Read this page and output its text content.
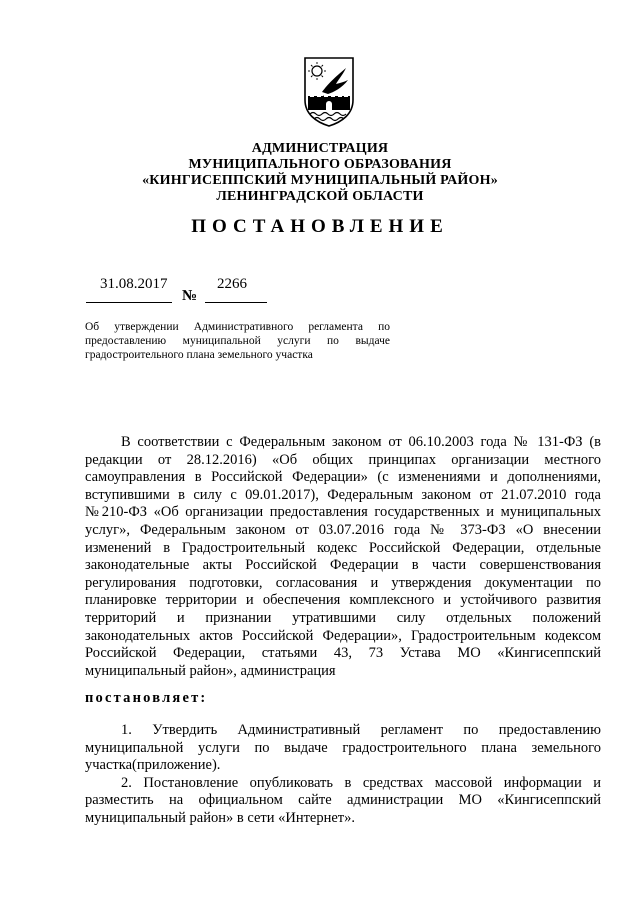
АДМИНИСТРАЦИЯ
МУНИЦИПАЛЬНОГО ОБРАЗОВАНИЯ
«КИНГИСЕППСКИЙ МУНИЦИПАЛЬНЫЙ РАЙОН»
ЛЕНИНГРАДСКОЙ ОБЛАСТИ
ПОСТАНОВЛЕНИЕ
31.08.2017
№
2266
Об утверждении Административного регламента по
предоставлению муниципальной услуги по выдаче
градостроительного плана земельного участка

В соответствии с Федеральным законом от 06.10.2003 года № 131-ФЗ (в редакции от 28.12.2016) «Об общих принципах организации местного самоуправления в Российской Федерации» (с изменениями и дополнениями, вступившими в силу с 09.01.2017), Федеральным законом от 21.07.2010 года №210-ФЗ «Об организации предоставления государственных и муниципальных услуг», Федеральным законом от 03.07.2016 года № 373-ФЗ «О внесении изменений в Градостроительный кодекс Российской Федерации, отдельные законодательные акты Российской Федерации в части совершенствования регулирования подготовки, согласования и утверждения документации по планировке территории и обеспечения комплексного и устойчивого развития территорий и признании утратившими силу отдельных положений законодательных актов Российской Федерации», Градостроительным кодексом Российской Федерации, статьями 43, 73 Устава МО «Кингисеппский муниципальный район», администрация

постановляет:

1. Утвердить Административный регламент по предоставлению муниципальной услуги по выдаче градостроительного плана земельного участка(приложение).

2. Постановление опубликовать в средствах массовой информации и разместить на официальном сайте администрации МО «Кингисеппский муниципальный район» в сети «Интернет».
